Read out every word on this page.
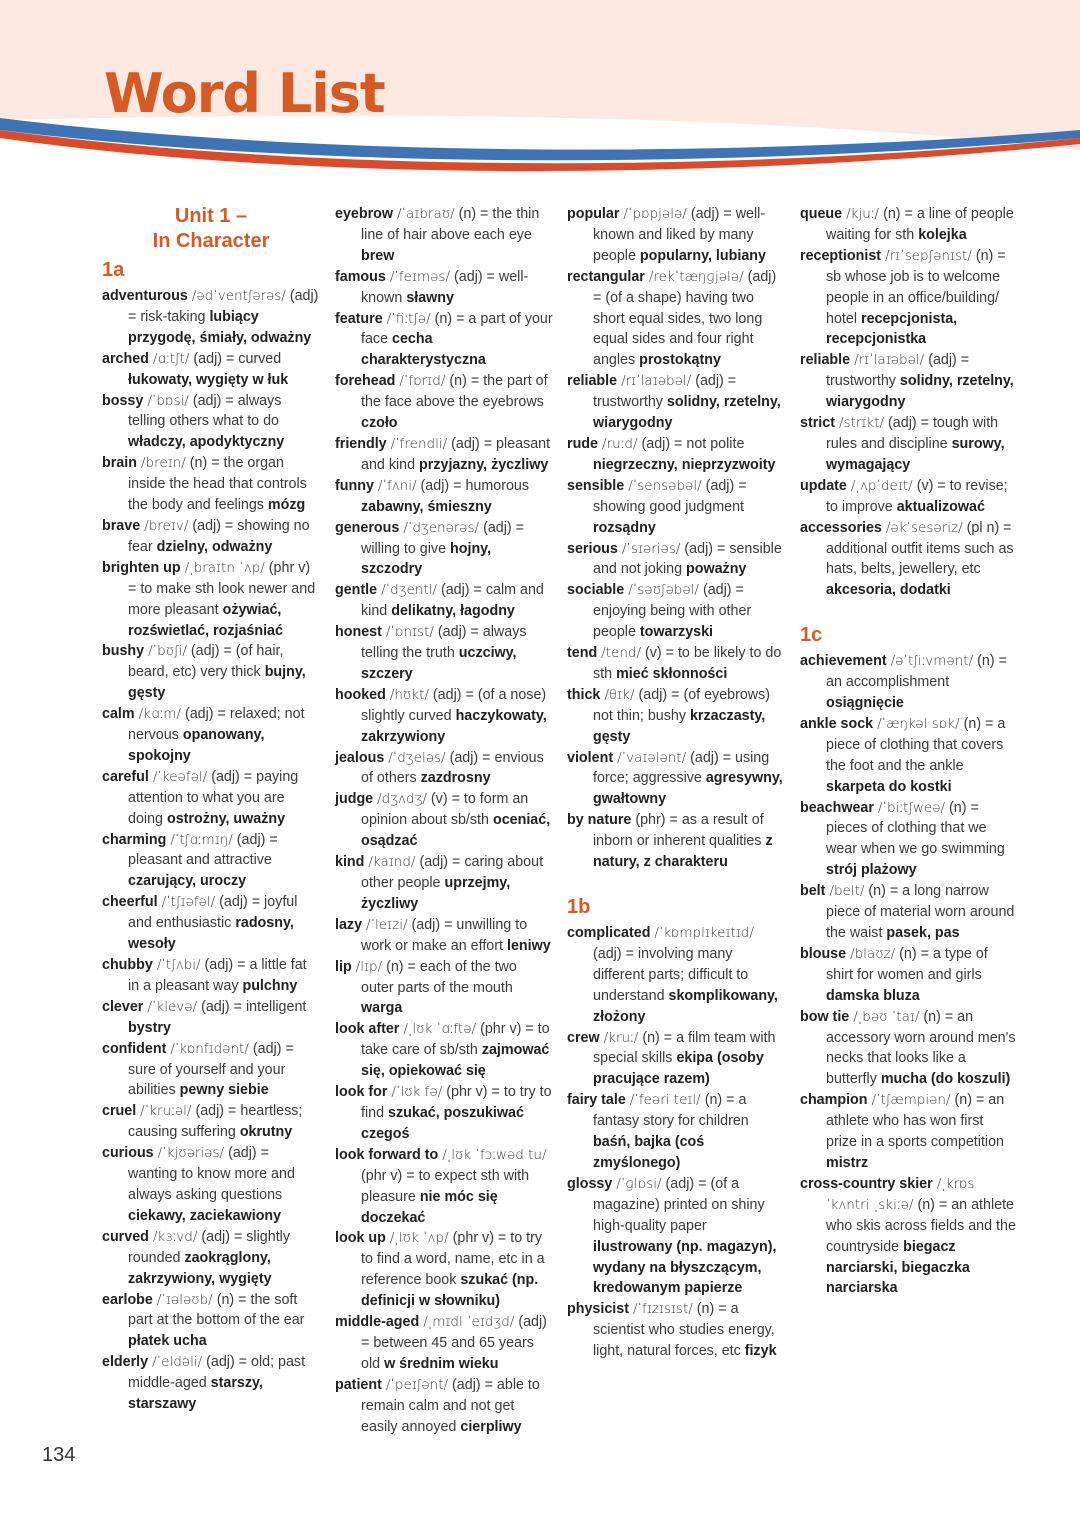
Word List
Unit 1 –
In Character
1a

adventurous /ədˈventʃərəs/ (adj) = risk-taking lubiący przygodę, śmiały, odważny

arched /ɑːtʃt/ (adj) = curved łukowaty, wygięty w łuk

bossy /ˈbɒsi/ (adj) = always telling others what to do władczy, apodyktyczny

brain /breɪn/ (n) = the organ inside the head that controls the body and feelings mózg

brave /breɪv/ (adj) = showing no fear dzielny, odważny

brighten up /ˌbraɪtn ˈʌp/ (phr v) = to make sth look newer and more pleasant ożywiać, rozświetlać, rozjaśniać

bushy /ˈbʊʃi/ (adj) = (of hair, beard, etc) very thick bujny, gęsty

calm /kɑːm/ (adj) = relaxed; not nervous opanowany, spokojny

careful /ˈkeəfəl/ (adj) = paying attention to what you are doing ostrożny, uważny

charming /ˈtʃɑːmɪŋ/ (adj) = pleasant and attractive czarujący, uroczy

cheerful /ˈtʃɪəfəl/ (adj) = joyful and enthusiastic radosny, wesoły

chubby /ˈtʃʌbi/ (adj) = a little fat in a pleasant way pulchny

clever /ˈklevə/ (adj) = intelligent bystry

confident /ˈkɒnfɪdənt/ (adj) = sure of yourself and your abilities pewny siebie

cruel /ˈkruːəl/ (adj) = heartless; causing suffering okrutny

curious /ˈkjʊəriəs/ (adj) = wanting to know more and always asking questions ciekawy, zaciekawiony

curved /kɜːvd/ (adj) = slightly rounded zaokrąglony, zakrzywiony, wygięty

earlobe /ˈɪələʊb/ (n) = the soft part at the bottom of the ear płatek ucha

elderly /ˈeldəli/ (adj) = old; past middle-aged starszy, starszawy

eyebrow /ˈaɪbraʊ/ (n) = the thin line of hair above each eye brew

famous /ˈfeɪməs/ (adj) = well-known sławny

feature /ˈfiːtʃə/ (n) = a part of your face cecha charakterystyczna

forehead /ˈfɒrɪd/ (n) = the part of the face above the eyebrows czoło

friendly /ˈfrendli/ (adj) = pleasant and kind przyjazny, życzliwy

funny /ˈfʌni/ (adj) = humorous zabawny, śmieszny

generous /ˈdʒenərəs/ (adj) = willing to give hojny, szczodry

gentle /ˈdʒentl/ (adj) = calm and kind delikatny, łagodny

honest /ˈɒnɪst/ (adj) = always telling the truth uczciwy, szczery

hooked /hʊkt/ (adj) = (of a nose) slightly curved haczykowaty, zakrzywiony

jealous /ˈdʒeləs/ (adj) = envious of others zazdrosny

judge /dʒʌdʒ/ (v) = to form an opinion about sb/sth oceniać, osądzać

kind /kaɪnd/ (adj) = caring about other people uprzejmy, życzliwy

lazy /ˈleɪzi/ (adj) = unwilling to work or make an effort leniwy

lip /lɪp/ (n) = each of the two outer parts of the mouth warga

look after /ˌlʊk ˈɑːftə/ (phr v) = to take care of sb/sth zajmować się, opiekować się

look for /ˈlʊk fə/ (phr v) = to try to find szukać, poszukiwać czegoś

look forward to /ˌlʊk ˈfɔːwəd tu/ (phr v) = to expect sth with pleasure nie móc się doczekać

look up /ˌlʊk ˈʌp/ (phr v) = to try to find a word, name, etc in a reference book szukać (np. definicji w słowniku)

middle-aged /ˌmɪdl ˈeɪdʒd/ (adj) = between 45 and 65 years old w średnim wieku

patient /ˈpeɪʃənt/ (adj) = able to remain calm and not get easily annoyed cierpliwy

popular /ˈpɒpjələ/ (adj) = well-known and liked by many people popularny, lubiany

rectangular /rekˈtæŋɡjələ/ (adj) = (of a shape) having two short equal sides, two long equal sides and four right angles prostokątny

reliable /rɪˈlaɪəbəl/ (adj) = trustworthy solidny, rzetelny, wiarygodny

rude /ruːd/ (adj) = not polite niegrzeczny, nieprzyzwoity

sensible /ˈsensəbəl/ (adj) = showing good judgment rozsądny

serious /ˈsɪəriəs/ (adj) = sensible and not joking poważny

sociable /ˈsəʊʃəbəl/ (adj) = enjoying being with other people towarzyski

tend /tend/ (v) = to be likely to do sth mieć skłonności

thick /θɪk/ (adj) = (of eyebrows) not thin; bushy krzaczasty, gęsty

violent /ˈvaɪələnt/ (adj) = using force; aggressive agresywny, gwałtowny

by nature (phr) = as a result of inborn or inherent qualities z natury, z charakteru

1b

complicated /ˈkɒmplɪkeɪtɪd/ (adj) = involving many different parts; difficult to understand skomplikowany, złożony

crew /kruː/ (n) = a film team with special skills ekipa (osoby pracujące razem)

fairy tale /ˈfeəri teɪl/ (n) = a fantasy story for children baśń, bajka (coś zmyślonego)

glossy /ˈɡlɒsi/ (adj) = (of a magazine) printed on shiny high-quality paper ilustrowany (np. magazyn), wydany na błyszczącym, kredowanym papierze

physicist /ˈfɪzɪsɪst/ (n) = a scientist who studies energy, light, natural forces, etc fizyk

queue /kjuː/ (n) = a line of people waiting for sth kolejka

receptionist /rɪˈsepʃənɪst/ (n) = sb whose job is to welcome people in an office/building/ hotel recepcjonista, recepcjonistka

reliable /rɪˈlaɪəbəl/ (adj) = trustworthy solidny, rzetelny, wiarygodny

strict /strɪkt/ (adj) = tough with rules and discipline surowy, wymagający

update /ˌʌpˈdeɪt/ (v) = to revise; to improve aktualizować

accessories /əkˈsesəriz/ (pl n) = additional outfit items such as hats, belts, jewellery, etc akcesoria, dodatki

1c

achievement /əˈtʃiːvmənt/ (n) = an accomplishment osiągnięcie

ankle sock /ˈæŋkəl sɒk/ (n) = a piece of clothing that covers the foot and the ankle skarpeta do kostki

beachwear /ˈbiːtʃweə/ (n) = pieces of clothing that we wear when we go swimming strój plażowy

belt /belt/ (n) = a long narrow piece of material worn around the waist pasek, pas

blouse /blaʊz/ (n) = a type of shirt for women and girls damska bluza

bow tie /ˌbəʊ ˈtaɪ/ (n) = an accessory worn around men's necks that looks like a butterfly mucha (do koszuli)

champion /ˈtʃæmpiən/ (n) = an athlete who has won first prize in a sports competition mistrz

cross-country skier /ˌkrɒs ˈkʌntri ˌskiːə/ (n) = an athlete who skis across fields and the countryside biegacz narciarski, biegaczka narciarska

134
